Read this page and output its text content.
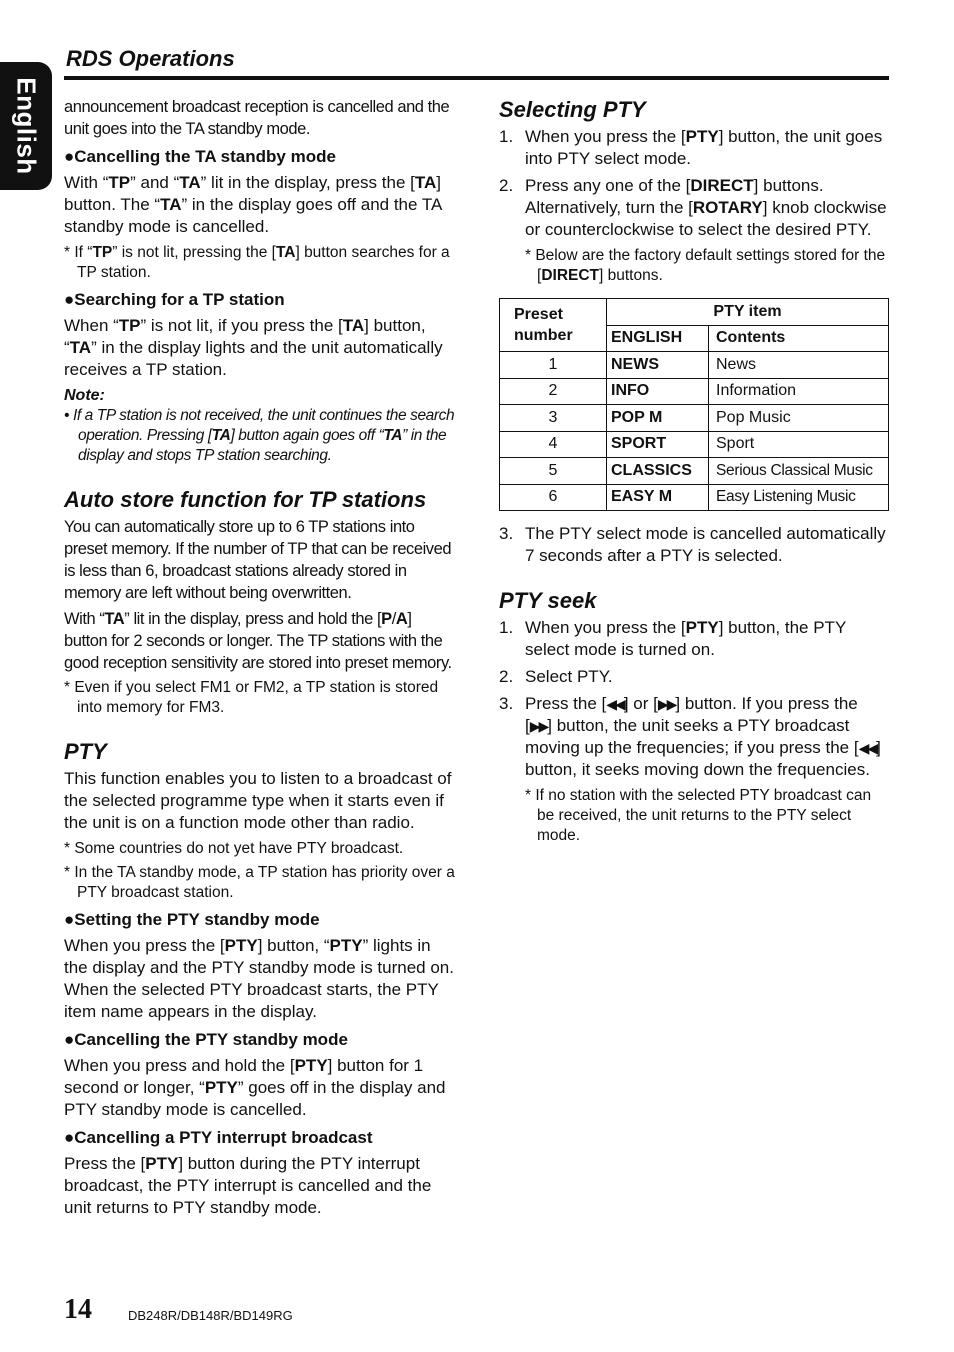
English
RDS Operations

announcement broadcast reception is cancelled and the unit goes into the TA standby mode.

●Cancelling the TA standby mode

With “TP” and “TA” lit in the display, press the [TA] button. The “TA” in the display goes off and the TA standby mode is cancelled.

* If “TP” is not lit, pressing the [TA] button searches for a TP station.

●Searching for a TP station

When “TP” is not lit, if you press the [TA] button, “TA” in the display lights and the unit automatically receives a TP station.

Note:

• If a TP station is not received, the unit continues the search operation. Pressing [TA] button again goes off “TA” in the display and stops TP station searching.

Auto store function for TP stations

You can automatically store up to 6 TP stations into preset memory. If the number of TP that can be received is less than 6, broadcast stations already stored in memory are left without being overwritten.

With “TA” lit in the display, press and hold the [P/A] button for 2 seconds or longer. The TP stations with the good reception sensitivity are stored into preset memory.

* Even if you select FM1 or FM2, a TP station is stored into memory for FM3.

PTY

This function enables you to listen to a broadcast of the selected programme type when it starts even if the unit is on a function mode other than radio.

* Some countries do not yet have PTY broadcast.

* In the TA standby mode, a TP station has priority over a PTY broadcast station.

●Setting the PTY standby mode

When you press the [PTY] button, “PTY” lights in the display and the PTY standby mode is turned on. When the selected PTY broadcast starts, the PTY item name appears in the display.

●Cancelling the PTY standby mode

When you press and hold the [PTY] button for 1 second or longer, “PTY” goes off in the display and PTY standby mode is cancelled.

●Cancelling a PTY interrupt broadcast

Press the [PTY] button during the PTY interrupt broadcast, the PTY interrupt is cancelled and the unit returns to PTY standby mode.

Selecting PTY

1. When you press the [PTY] button, the unit goes into PTY select mode.
2. Press any one of the [DIRECT] buttons. Alternatively, turn the [ROTARY] knob clockwise or counterclockwise to select the desired PTY.

* Below are the factory default settings stored for the [DIRECT] buttons.

Preset number	PTY item	
	ENGLISH	Contents
1	NEWS	News
2	INFO	Information
3	POP M	Pop Music
4	SPORT	Sport
5	CLASSICS	Serious Classical Music
6	EASY M	Easy Listening Music
3. The PTY select mode is cancelled automatically 7 seconds after a PTY is selected.

PTY seek

1. When you press the [PTY] button, the PTY select mode is turned on.
2. Select PTY.
3. Press the [◀◀] or [▶▶] button. If you press the [▶▶] button, the unit seeks a PTY broadcast moving up the frequencies; if you press the [◀◀] button, it seeks moving down the frequencies.

* If no station with the selected PTY broadcast can be received, the unit returns to the PTY select mode.

14	DB248R/DB148R/BD149RG
